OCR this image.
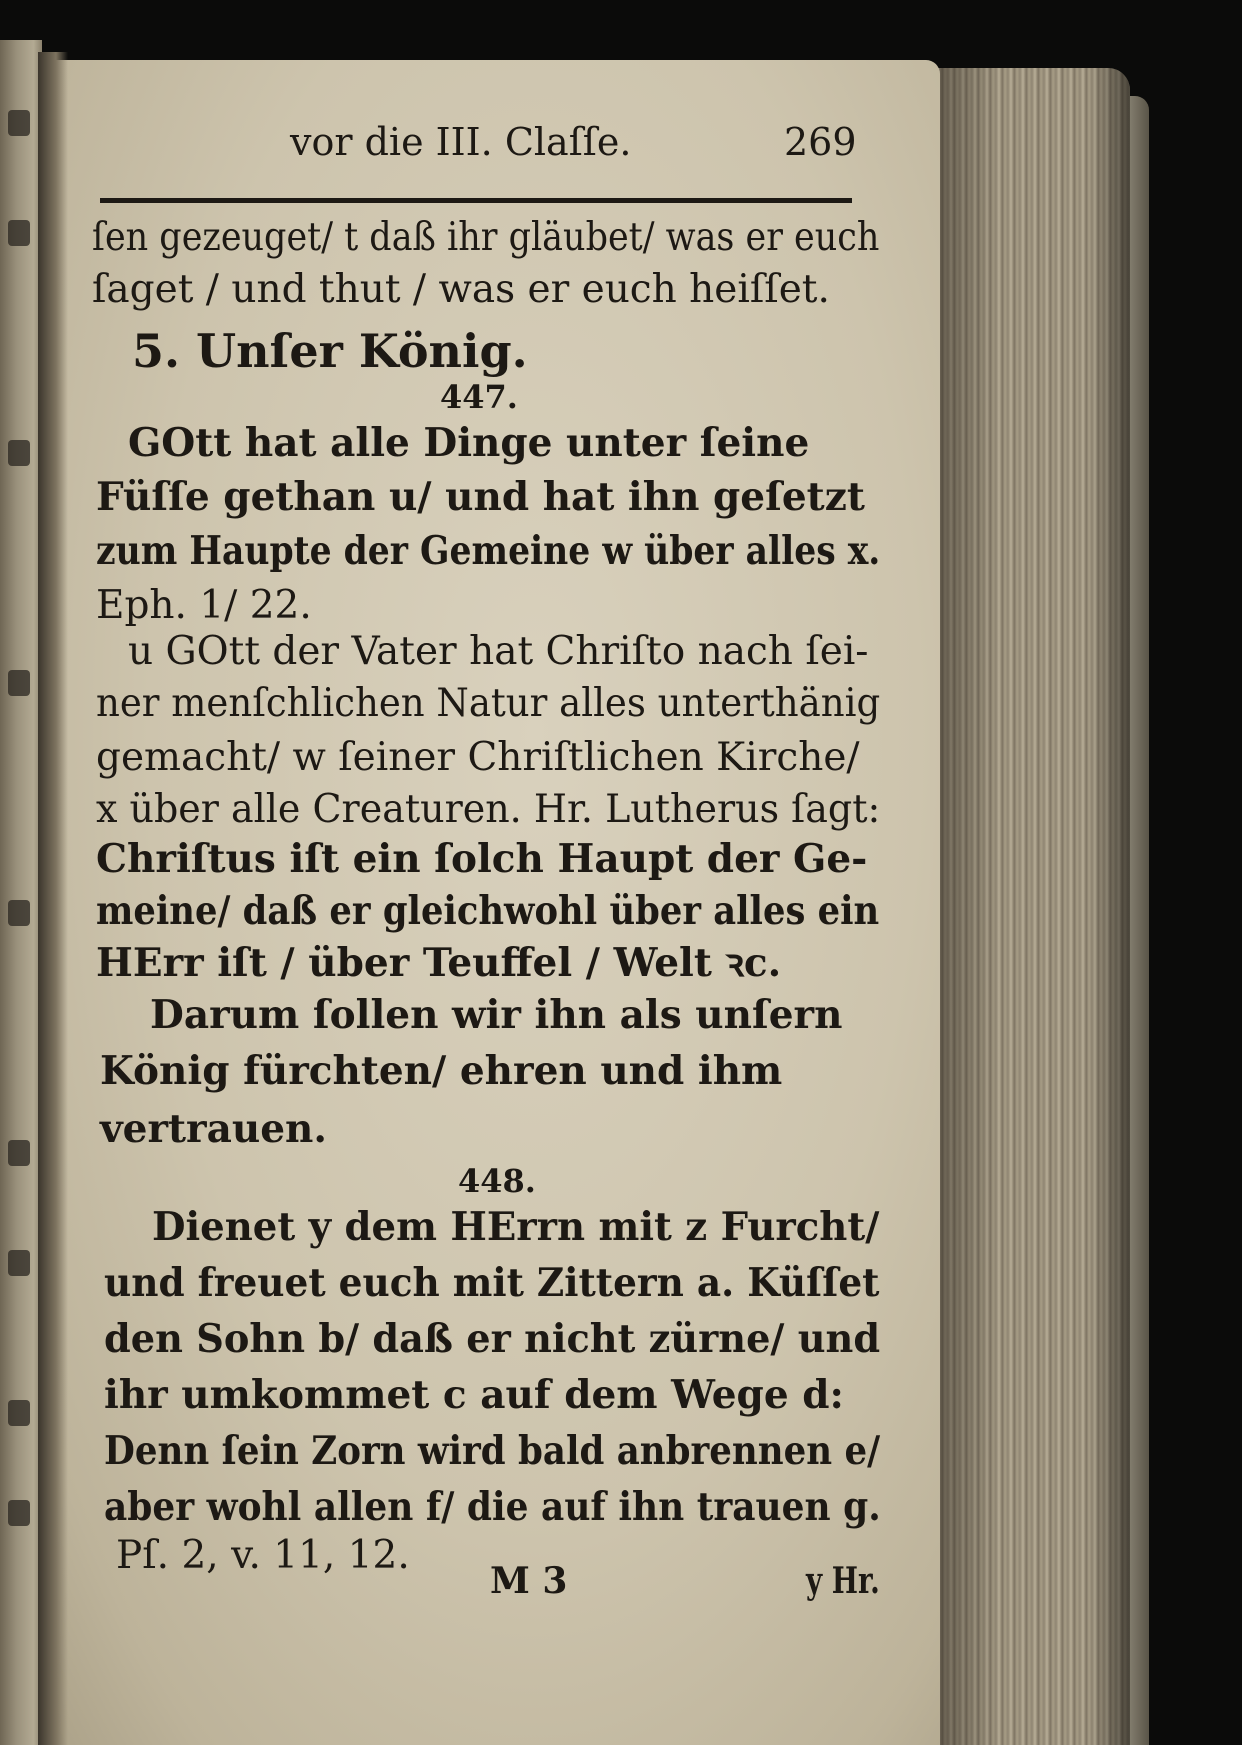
vor die III. Claſſe.	269

ſen gezeuget/ t daß ihr gläubet/ was er euch

ſaget / und thut / was er euch heiſſet.

5. Unſer König.

447.

GOtt hat alle Dinge unter ſeine

Füſſe gethan u/ und hat ihn geſetzt

zum Haupte der Gemeine w über alles x.

Eph. 1/ 22.

u GOtt der Vater hat Chriſto nach ſei-

ner menſchlichen Natur alles unterthänig

gemacht/ w ſeiner Chriſtlichen Kirche/

x über alle Creaturen. Hr. Lutherus ſagt:

Chriſtus iſt ein ſolch Haupt der Ge-

meine/ daß er gleichwohl über alles ein

HErr iſt / über Teuffel / Welt ꝛc.

Darum ſollen wir ihn als unſern

König fürchten/ ehren und ihm

vertrauen.

448.

Dienet y dem HErrn mit z Furcht/

und freuet euch mit Zittern a. Küſſet

den Sohn b/ daß er nicht zürne/ und

ihr umkommet c auf dem Wege d:

Denn ſein Zorn wird bald anbrennen e/

aber wohl allen f/ die auf ihn trauen g.

Pſ. 2, v. 11, 12.

M 3	y Hr.
